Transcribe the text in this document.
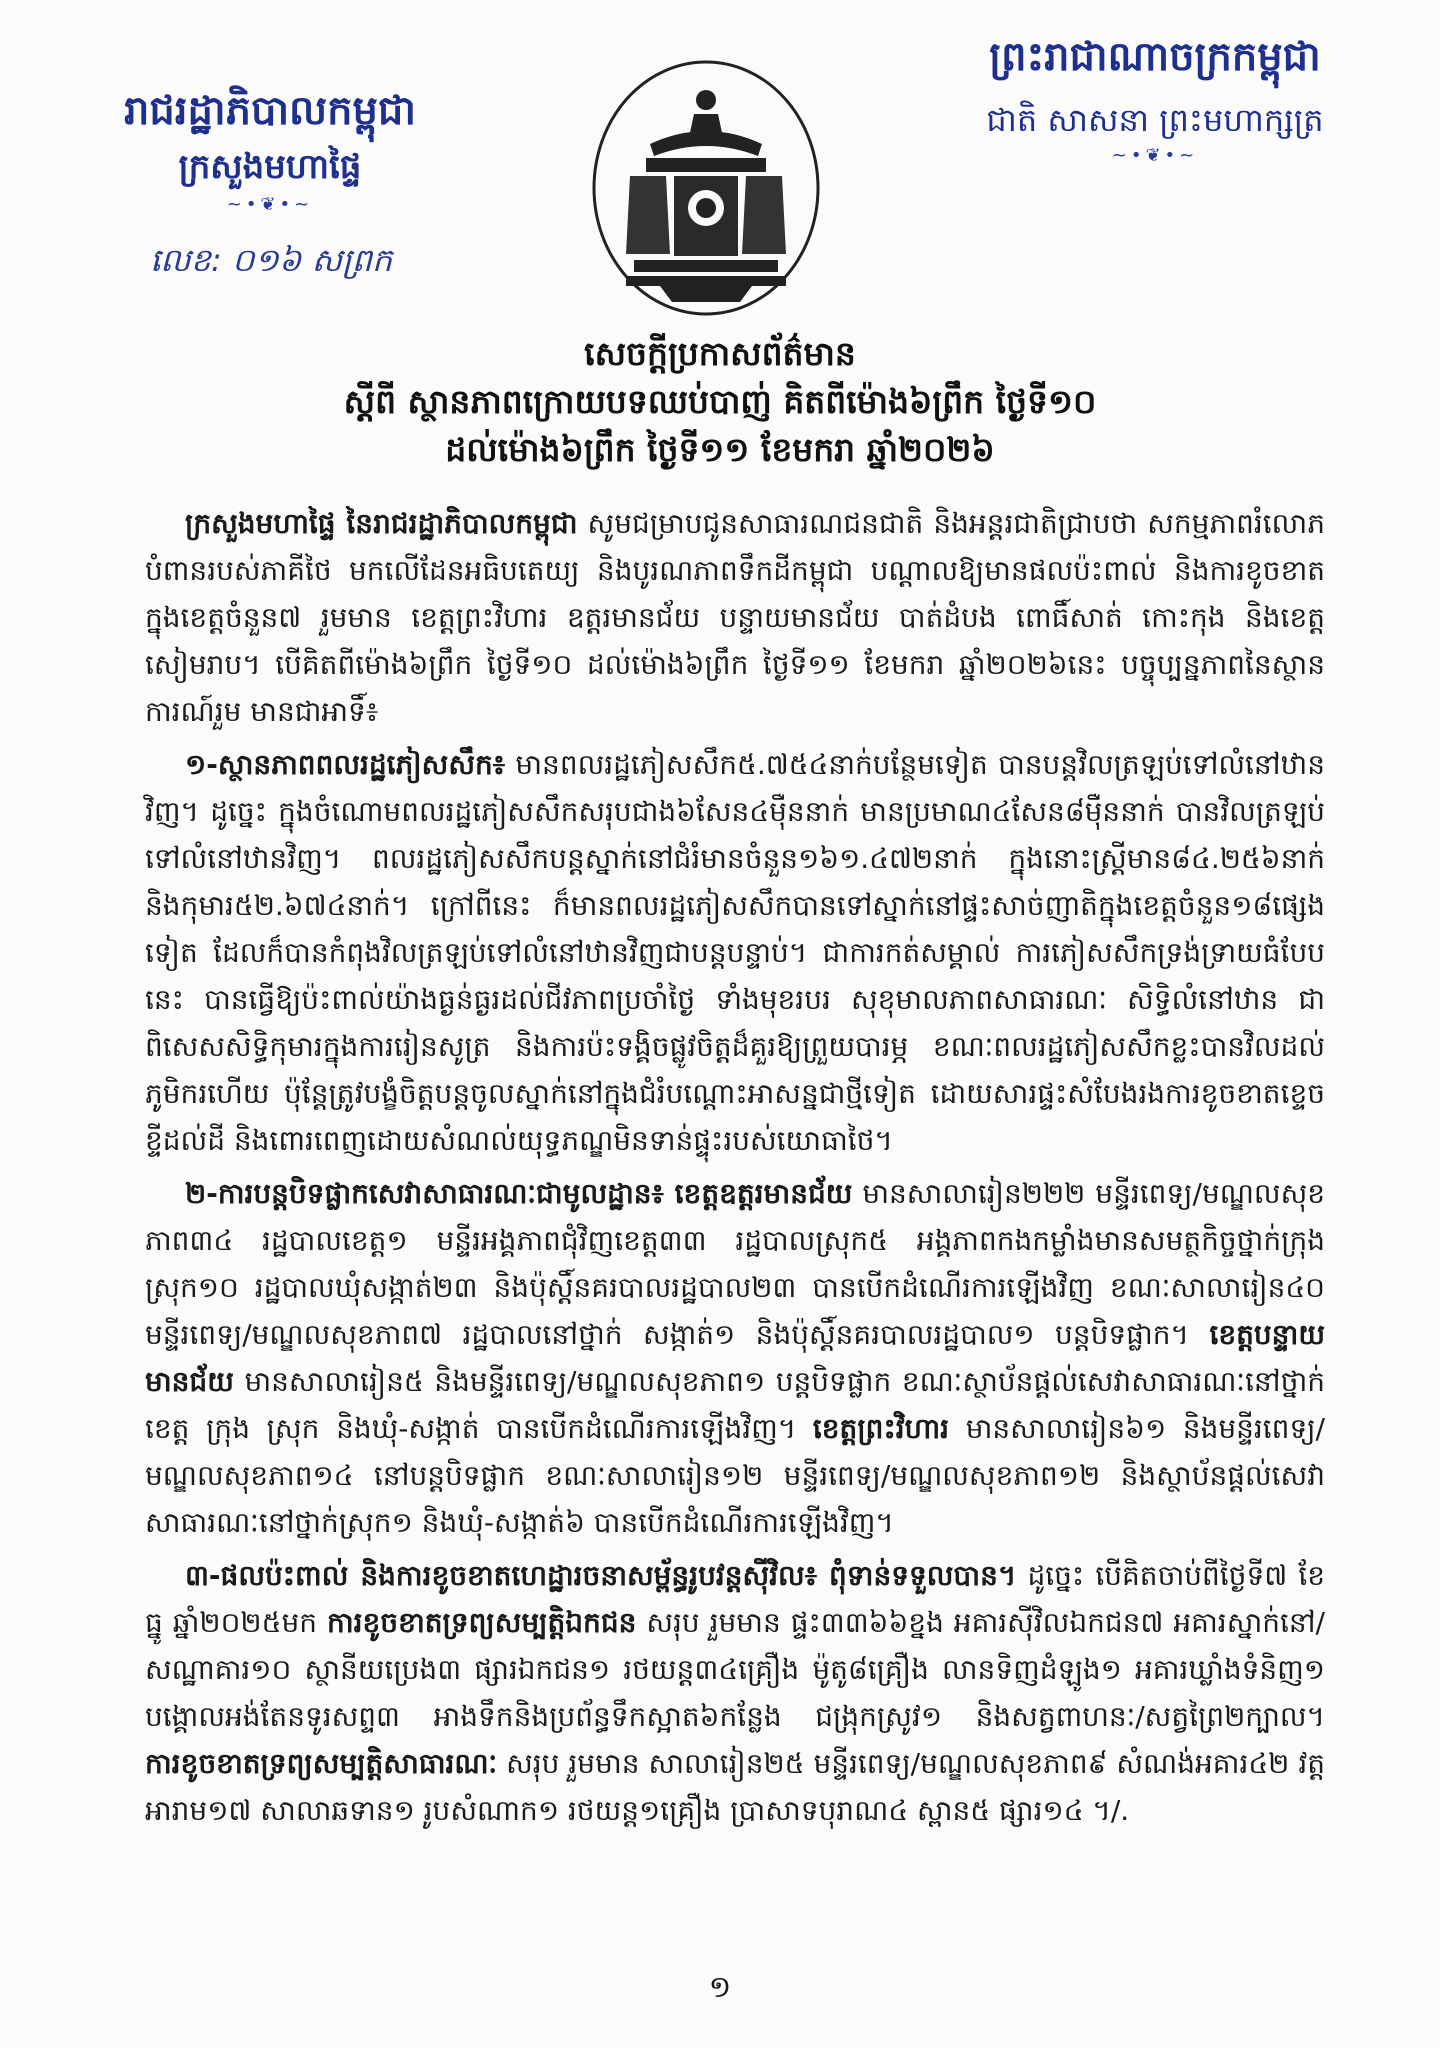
រាជរដ្ឋាភិបាលកម្ពុជា
ក្រសួងមហាផ្ទៃ
~•❦•~
លេខ: ០១៦ សព្រក
ព្រះរាជាណាចក្រកម្ពុជា
ជាតិ សាសនា ព្រះមហាក្សត្រ
~•❦•~
សេចក្តីប្រកាសព័ត៌មាន
ស្តីពី ស្ថានភាពក្រោយបទឈប់បាញ់ គិតពីម៉ោង៦ព្រឹក ថ្ងៃទី១០
ដល់ម៉ោង៦ព្រឹក ថ្ងៃទី១១ ខែមករា ឆ្នាំ២០២៦

ក្រសួងមហាផ្ទៃ នៃរាជរដ្ឋាភិបាលកម្ពុជា សូមជម្រាបជូនសាធារណជនជាតិ និងអន្តរជាតិជ្រាបថា សកម្មភាពរំលោភបំពានរបស់ភាគីថៃ មកលើដែនអធិបតេយ្យ និងបូរណភាពទឹកដីកម្ពុជា បណ្តាលឱ្យមានផលប៉ះពាល់ និងការខូចខាតក្នុងខេត្តចំនួន៧ រួមមាន ខេត្តព្រះវិហារ ឧត្តរមានជ័យ បន្ទាយមានជ័យ បាត់ដំបង ពោធិ៍សាត់ កោះកុង និងខេត្តសៀមរាប។ បើគិតពីម៉ោង៦ព្រឹក ថ្ងៃទី១០ ដល់ម៉ោង៦ព្រឹក ថ្ងៃទី១១ ខែមករា ឆ្នាំ២០២៦នេះ បច្ចុប្បន្នភាពនៃស្ថានការណ៍រួម មានជាអាទិ៍៖

១-ស្ថានភាពពលរដ្ឋភៀសសឹក៖ មានពលរដ្ឋភៀសសឹក៥.៧៥៤នាក់បន្ថែមទៀត បានបន្តវិលត្រឡប់ទៅលំនៅឋានវិញ។ ដូច្នេះ ក្នុងចំណោមពលរដ្ឋភៀសសឹកសរុបជាង៦សែន៤ម៉ឺននាក់ មានប្រមាណ៤សែន៨ម៉ឺននាក់ បានវិលត្រឡប់ទៅលំនៅឋានវិញ។ ពលរដ្ឋភៀសសឹកបន្តស្នាក់នៅជំរំមានចំនួន១៦១.៤៧២នាក់ ក្នុងនោះស្ត្រីមាន៨៤.២៥៦នាក់ និងកុមារ៥២.៦៧៤នាក់។ ក្រៅពីនេះ ក៏មានពលរដ្ឋភៀសសឹកបានទៅស្នាក់នៅផ្ទះសាច់ញាតិក្នុងខេត្តចំនួន១៨ផ្សេងទៀត ដែលក៏បានកំពុងវិលត្រឡប់ទៅលំនៅឋានវិញជាបន្តបន្ទាប់។ ជាការកត់សម្គាល់ ការភៀសសឹកទ្រង់ទ្រាយធំបែបនេះ បានធ្វើឱ្យប៉ះពាល់យ៉ាងធ្ងន់ធ្ងរដល់ជីវភាពប្រចាំថ្ងៃ ទាំងមុខរបរ សុខុមាលភាពសាធារណៈ សិទ្ធិលំនៅឋាន ជាពិសេសសិទ្ធិកុមារក្នុងការរៀនសូត្រ និងការប៉ះទង្គិចផ្លូវចិត្តដ៏គួរឱ្យព្រួយបារម្ភ ខណៈពលរដ្ឋភៀសសឹកខ្លះបានវិលដល់ភូមិករហើយ ប៉ុន្តែត្រូវបង្ខំចិត្តបន្តចូលស្នាក់នៅក្នុងជំរំបណ្តោះអាសន្នជាថ្មីទៀត ដោយសារផ្ទះសំបែងរងការខូចខាតខ្ទេចខ្ទីដល់ដី និងពោរពេញដោយសំណល់យុទ្ធភណ្ឌមិនទាន់ផ្ទុះរបស់យោធាថៃ។

២-ការបន្តបិទផ្លាកសេវាសាធារណៈជាមូលដ្ឋាន៖ ខេត្តឧត្តរមានជ័យ មានសាលារៀន២២២ មន្ទីរពេទ្យ/មណ្ឌលសុខភាព៣៤ រដ្ឋបាលខេត្ត១ មន្ទីរអង្គភាពជុំវិញខេត្ត៣៣ រដ្ឋបាលស្រុក៥ អង្គភាពកងកម្លាំងមានសមត្ថកិច្ចថ្នាក់ក្រុង ស្រុក១០ រដ្ឋបាលឃុំសង្កាត់២៣ និងប៉ុស្តិ៍នគរបាលរដ្ឋបាល២៣ បានបើកដំណើរការឡើងវិញ ខណៈសាលារៀន៤០ មន្ទីរពេទ្យ/មណ្ឌលសុខភាព៧ រដ្ឋបាលនៅថ្នាក់ សង្កាត់១ និងប៉ុស្តិ៍នគរបាលរដ្ឋបាល១ បន្តបិទផ្លាក។ ខេត្តបន្ទាយមានជ័យ មានសាលារៀន៥ និងមន្ទីរពេទ្យ/មណ្ឌលសុខភាព១ បន្តបិទផ្លាក ខណៈស្ថាប័នផ្តល់សេវាសាធារណៈនៅថ្នាក់ខេត្ត ក្រុង ស្រុក និងឃុំ-សង្កាត់ បានបើកដំណើរការឡើងវិញ។ ខេត្តព្រះវិហារ មានសាលារៀន៦១ និងមន្ទីរពេទ្យ/មណ្ឌលសុខភាព១៤ នៅបន្តបិទផ្លាក ខណៈសាលារៀន១២ មន្ទីរពេទ្យ/មណ្ឌលសុខភាព១២ និងស្ថាប័នផ្តល់សេវាសាធារណៈនៅថ្នាក់ស្រុក១ និងឃុំ-សង្កាត់៦ បានបើកដំណើរការឡើងវិញ។

៣-ផលប៉ះពាល់ និងការខូចខាតហេដ្ឋារចនាសម្ព័ន្ធរូបវន្តស៊ីវិល៖ ពុំទាន់ទទួលបាន។ ដូច្នេះ បើគិតចាប់ពីថ្ងៃទី៧ ខែធ្នូ ឆ្នាំ២០២៥មក ការខូចខាតទ្រព្យសម្បត្តិឯកជន សរុប រួមមាន ផ្ទះ៣៣៦៦ខ្នង អគារស៊ីវិលឯកជន៧ អគារស្នាក់នៅ/សណ្ឋាគារ១០ ស្ថានីយប្រេង៣ ផ្សារឯកជន១ រថយន្ត៣៤គ្រឿង ម៉ូតូ៨គ្រឿង លានទិញដំឡូង១ អគារឃ្លាំងទំនិញ១ បង្គោលអង់តែនទូរសព្ទ៣ អាងទឹកនិងប្រព័ន្ធទឹកស្អាត៦កន្លែង ជង្រុកស្រូវ១ និងសត្វពាហនៈ/សត្វព្រៃ២ក្បាល។ ការខូចខាតទ្រព្យសម្បត្តិសាធារណៈ សរុប រួមមាន សាលារៀន២៥ មន្ទីរពេទ្យ/មណ្ឌលសុខភាព៩ សំណង់អគារ៤២ វត្តអារាម១៧ សាលាឆទាន១ រូបសំណាក១ រថយន្ត១គ្រឿង ប្រាសាទបុរាណ៤ ស្ពាន៥ ផ្សារ១៤ ។/.

១
